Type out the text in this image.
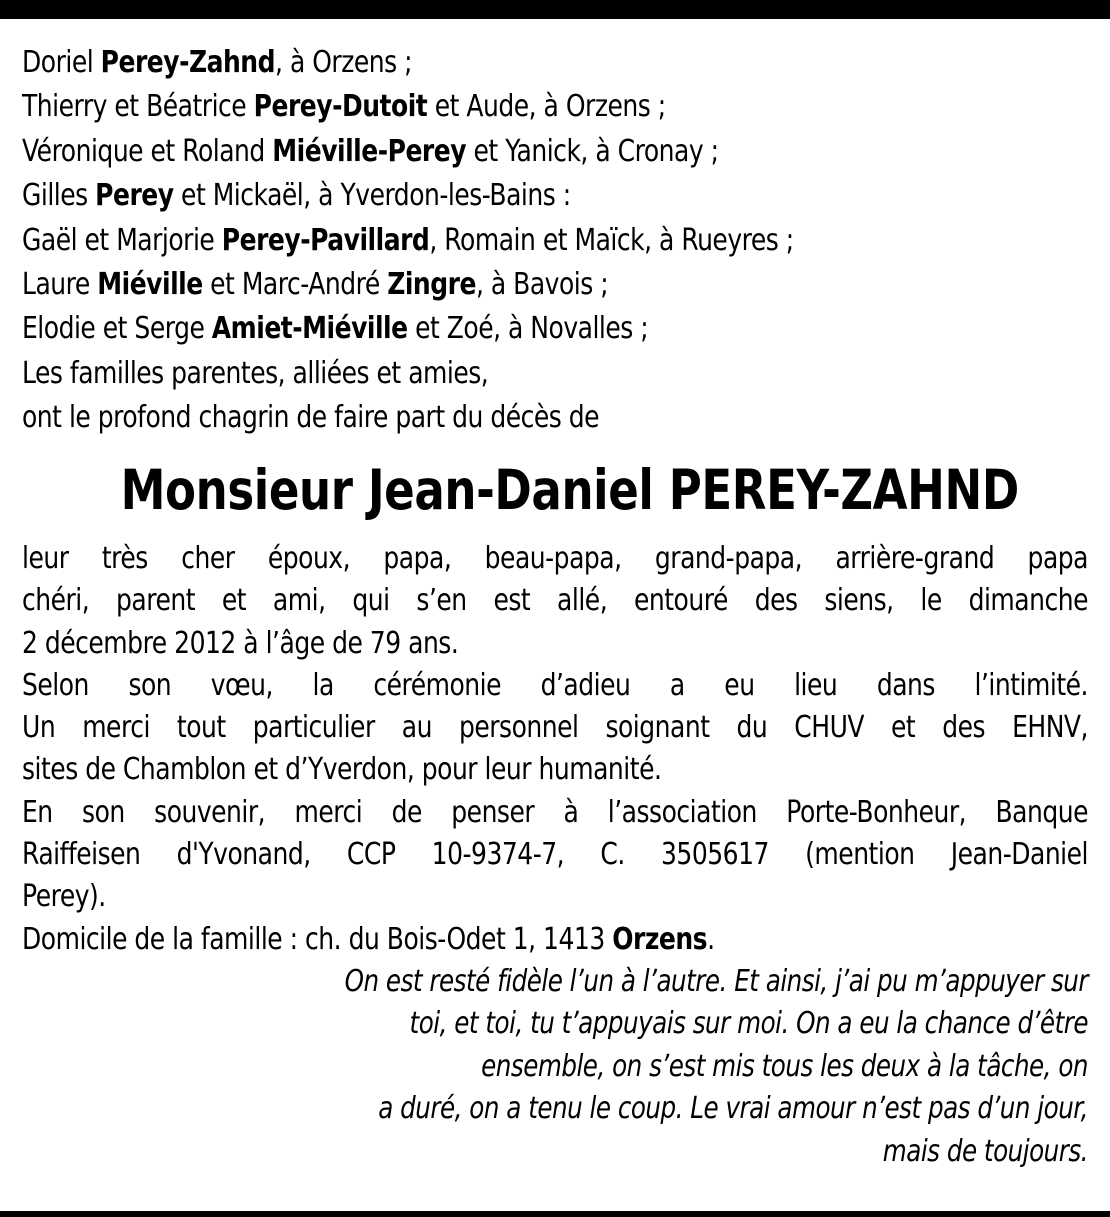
Doriel Perey-Zahnd, à Orzens ;
Thierry et Béatrice Perey-Dutoit et Aude, à Orzens ;
Véronique et Roland Miéville-Perey et Yanick, à Cronay ;
Gilles Perey et Mickaël, à Yverdon-les-Bains :
Gaël et Marjorie Perey-Pavillard, Romain et Maïck, à Rueyres ;
Laure Miéville et Marc-André Zingre, à Bavois ;
Elodie et Serge Amiet-Miéville et Zoé, à Novalles ;
Les familles parentes, alliées et amies,
ont le profond chagrin de faire part du décès de
Monsieur Jean-Daniel PEREY-ZAHND
leur très cher époux, papa, beau-papa, grand-papa, arrière-grand papa
chéri, parent et ami, qui s’en est allé, entouré des siens, le dimanche
2 décembre 2012 à l’âge de 79 ans.
Selon son vœu, la cérémonie d’adieu a eu lieu dans l’intimité.
Un merci tout particulier au personnel soignant du CHUV et des EHNV,
sites de Chamblon et d’Yverdon, pour leur humanité.
En son souvenir, merci de penser à l’association Porte-Bonheur, Banque
Raiffeisen d'Yvonand, CCP 10-9374-7, C. 3505617 (mention Jean-Daniel
Perey).
Domicile de la famille : ch. du Bois-Odet 1, 1413 Orzens.
On est resté fidèle l’un à l’autre. Et ainsi, j’ai pu m’appuyer sur
toi, et toi, tu t’appuyais sur moi. On a eu la chance d’être
ensemble, on s’est mis tous les deux à la tâche, on
a duré, on a tenu le coup. Le vrai amour n’est pas d’un jour,
mais de toujours.
